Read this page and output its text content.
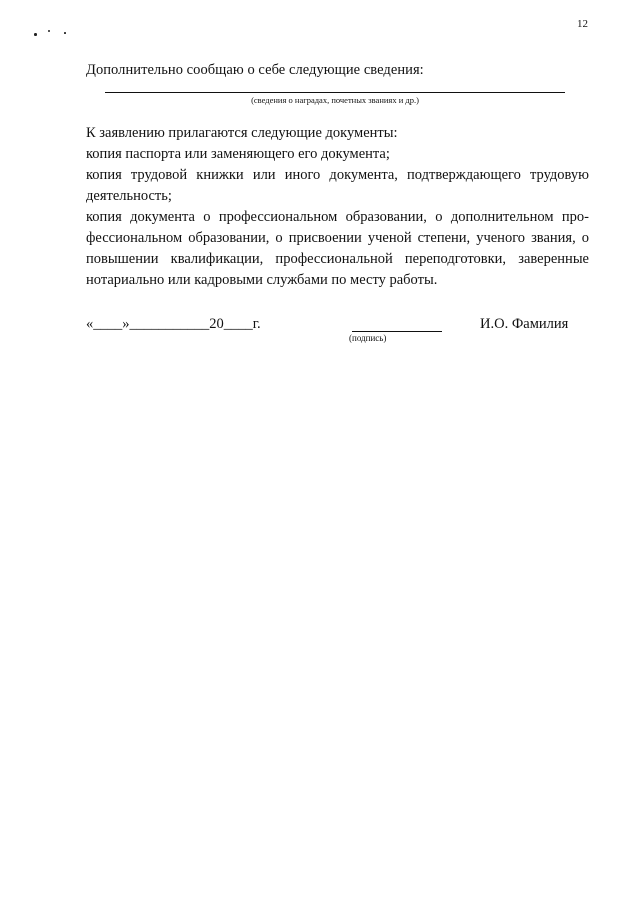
12
Дополнительно сообщаю о себе следующие сведения:
(сведения о наградах, почетных званиях и др.)
К заявлению прилагаются следующие документы:
копия паспорта или заменяющего его документа;
копия трудовой книжки или иного документа, подтверждающего трудовую
деятельность;
копия документа о профессиональном образовании, о дополнительном про-
фессиональном образовании, о присвоении ученой степени, ученого звания, о
повышении квалификации, профессиональной переподготовки, заверенные
нотариально или кадровыми службами по месту работы.
«____»___________20____г.
(подпись)
И.О. Фамилия
